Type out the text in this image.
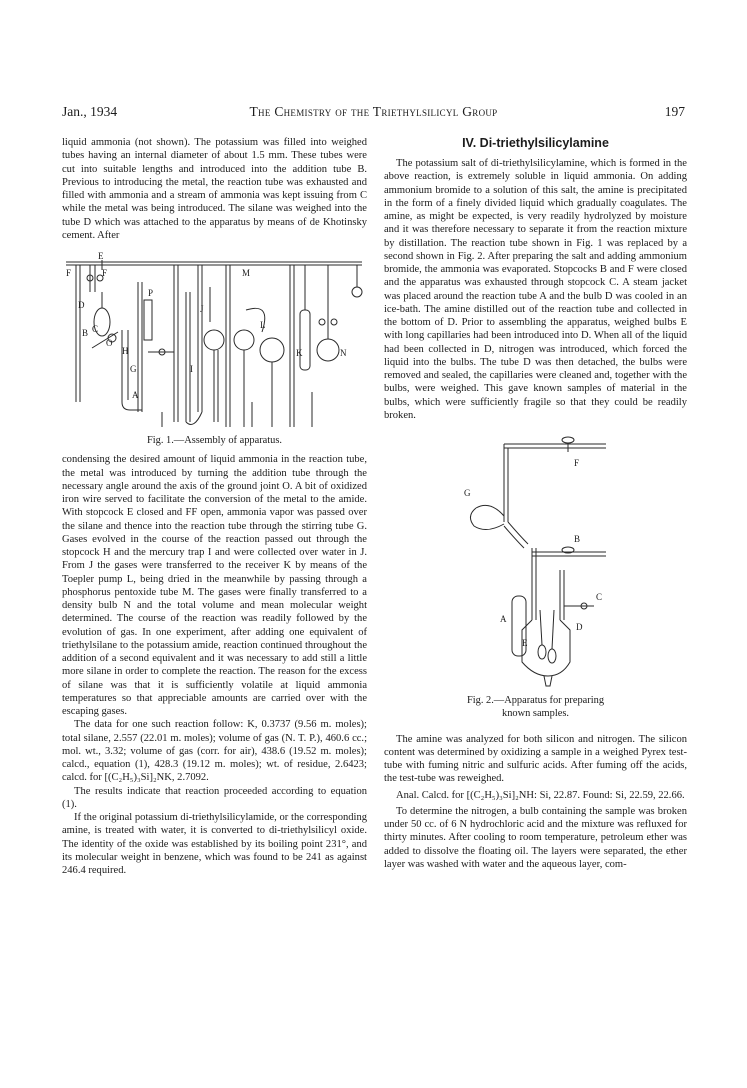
Jan., 1934	The Chemistry of the Triethylsilicyl Group	197

liquid ammonia (not shown). The potassium was filled into weighed tubes having an internal diameter of about 1.5 mm. These tubes were cut into suitable lengths and introduced into the addition tube B. Previous to introducing the metal, the reaction tube was exhausted and filled with ammonia and a stream of ammonia was kept issuing from C while the metal was being introduced. The silane was weighed into the tube D which was attached to the apparatus by means of de Khotinsky cement. After

E
F	F	M
D
P
J
B C
O
H
L
G	I
K	N
A
Fig. 1.—Assembly of apparatus.

condensing the desired amount of liquid ammonia in the reaction tube, the metal was introduced by turning the addition tube through the necessary angle around the axis of the ground joint O. A bit of oxidized iron wire served to facilitate the conversion of the metal to the amide. With stopcock E closed and FF open, ammonia vapor was passed over the silane and thence into the reaction tube through the stirring tube G. Gases evolved in the course of the reaction passed out through the stopcock H and the mercury trap I and were collected over water in J. From J the gases were transferred to the receiver K by means of the Toepler pump L, being dried in the meanwhile by passing through a phosphorus pentoxide tube M. The gases were finally transferred to a density bulb N and the total volume and mean molecular weight determined. The course of the reaction was readily followed by the evolution of gas. In one experiment, after adding one equivalent of triethylsilane to the potassium amide, reaction continued throughout the addition of a second equivalent and it was necessary to add still a little more silane in order to complete the reaction. The reason for the excess of silane was that it is sufficiently volatile at liquid ammonia temperatures so that appreciable amounts are carried over with the escaping gases.

The data for one such reaction follow: K, 0.3737 (9.56 m. moles); total silane, 2.557 (22.01 m. moles); volume of gas (N. T. P.), 460.6 cc.; mol. wt., 3.32; volume of gas (corr. for air), 438.6 (19.52 m. moles); calcd., equation (1), 428.3 (19.12 m. moles); wt. of residue, 2.6423; calcd. for [(C₂H₅)₃Si]₂NK, 2.7092.

The results indicate that reaction proceeded according to equation (1).

If the original potassium di-triethylsilicylamide, or the corresponding amine, is treated with water, it is converted to di-triethylsilicyl oxide. The identity of the oxide was established by its boiling point 231°, and its molecular weight in benzene, which was found to be 241 as against 246.4 required.

IV. Di-triethylsilicylamine

The potassium salt of di-triethylsilicylamine, which is formed in the above reaction, is extremely soluble in liquid ammonia. On adding ammonium bromide to a solution of this salt, the amine is precipitated in the form of a finely divided liquid which gradually coagulates. The amine, as might be expected, is very readily hydrolyzed by moisture and it was therefore necessary to separate it from the reaction mixture by distillation. The reaction tube shown in Fig. 1 was replaced by a second shown in Fig. 2. After preparing the salt and adding ammonium bromide, the ammonia was evaporated. Stopcocks B and F were closed and the apparatus was exhausted through stopcock C. A steam jacket was placed around the reaction tube A and the bulb D was cooled in an ice-bath. The amine distilled out of the reaction tube and collected in the bottom of D. Prior to assembling the apparatus, weighed bulbs E with long capillaries had been introduced into D. When all of the liquid had been collected in D, nitrogen was introduced, which forced the liquid into the bulbs. The tube D was then detached, the bulbs were removed and sealed, the capillaries were cleaned and, together with the bulbs, were weighed. This gave known samples of material in the bulbs, which were sufficiently fragile so that they could be readily broken.

F
G
B
A
C
D
E
Fig. 2.—Apparatus for preparing
known samples.

The amine was analyzed for both silicon and nitrogen. The silicon content was determined by oxidizing a sample in a weighed Pyrex test-tube with fuming nitric and sulfuric acids. After fuming off the acids, the test-tube was reweighed.

Anal. Calcd. for [(C₂H₅)₃Si]₂NH: Si, 22.87. Found: Si, 22.59, 22.66.

To determine the nitrogen, a bulb containing the sample was broken under 50 cc. of 6 N hydrochloric acid and the mixture was refluxed for thirty minutes. After cooling to room temperature, petroleum ether was added to dissolve the floating oil. The layers were separated, the ether layer was washed with water and the aqueous layer, com-
